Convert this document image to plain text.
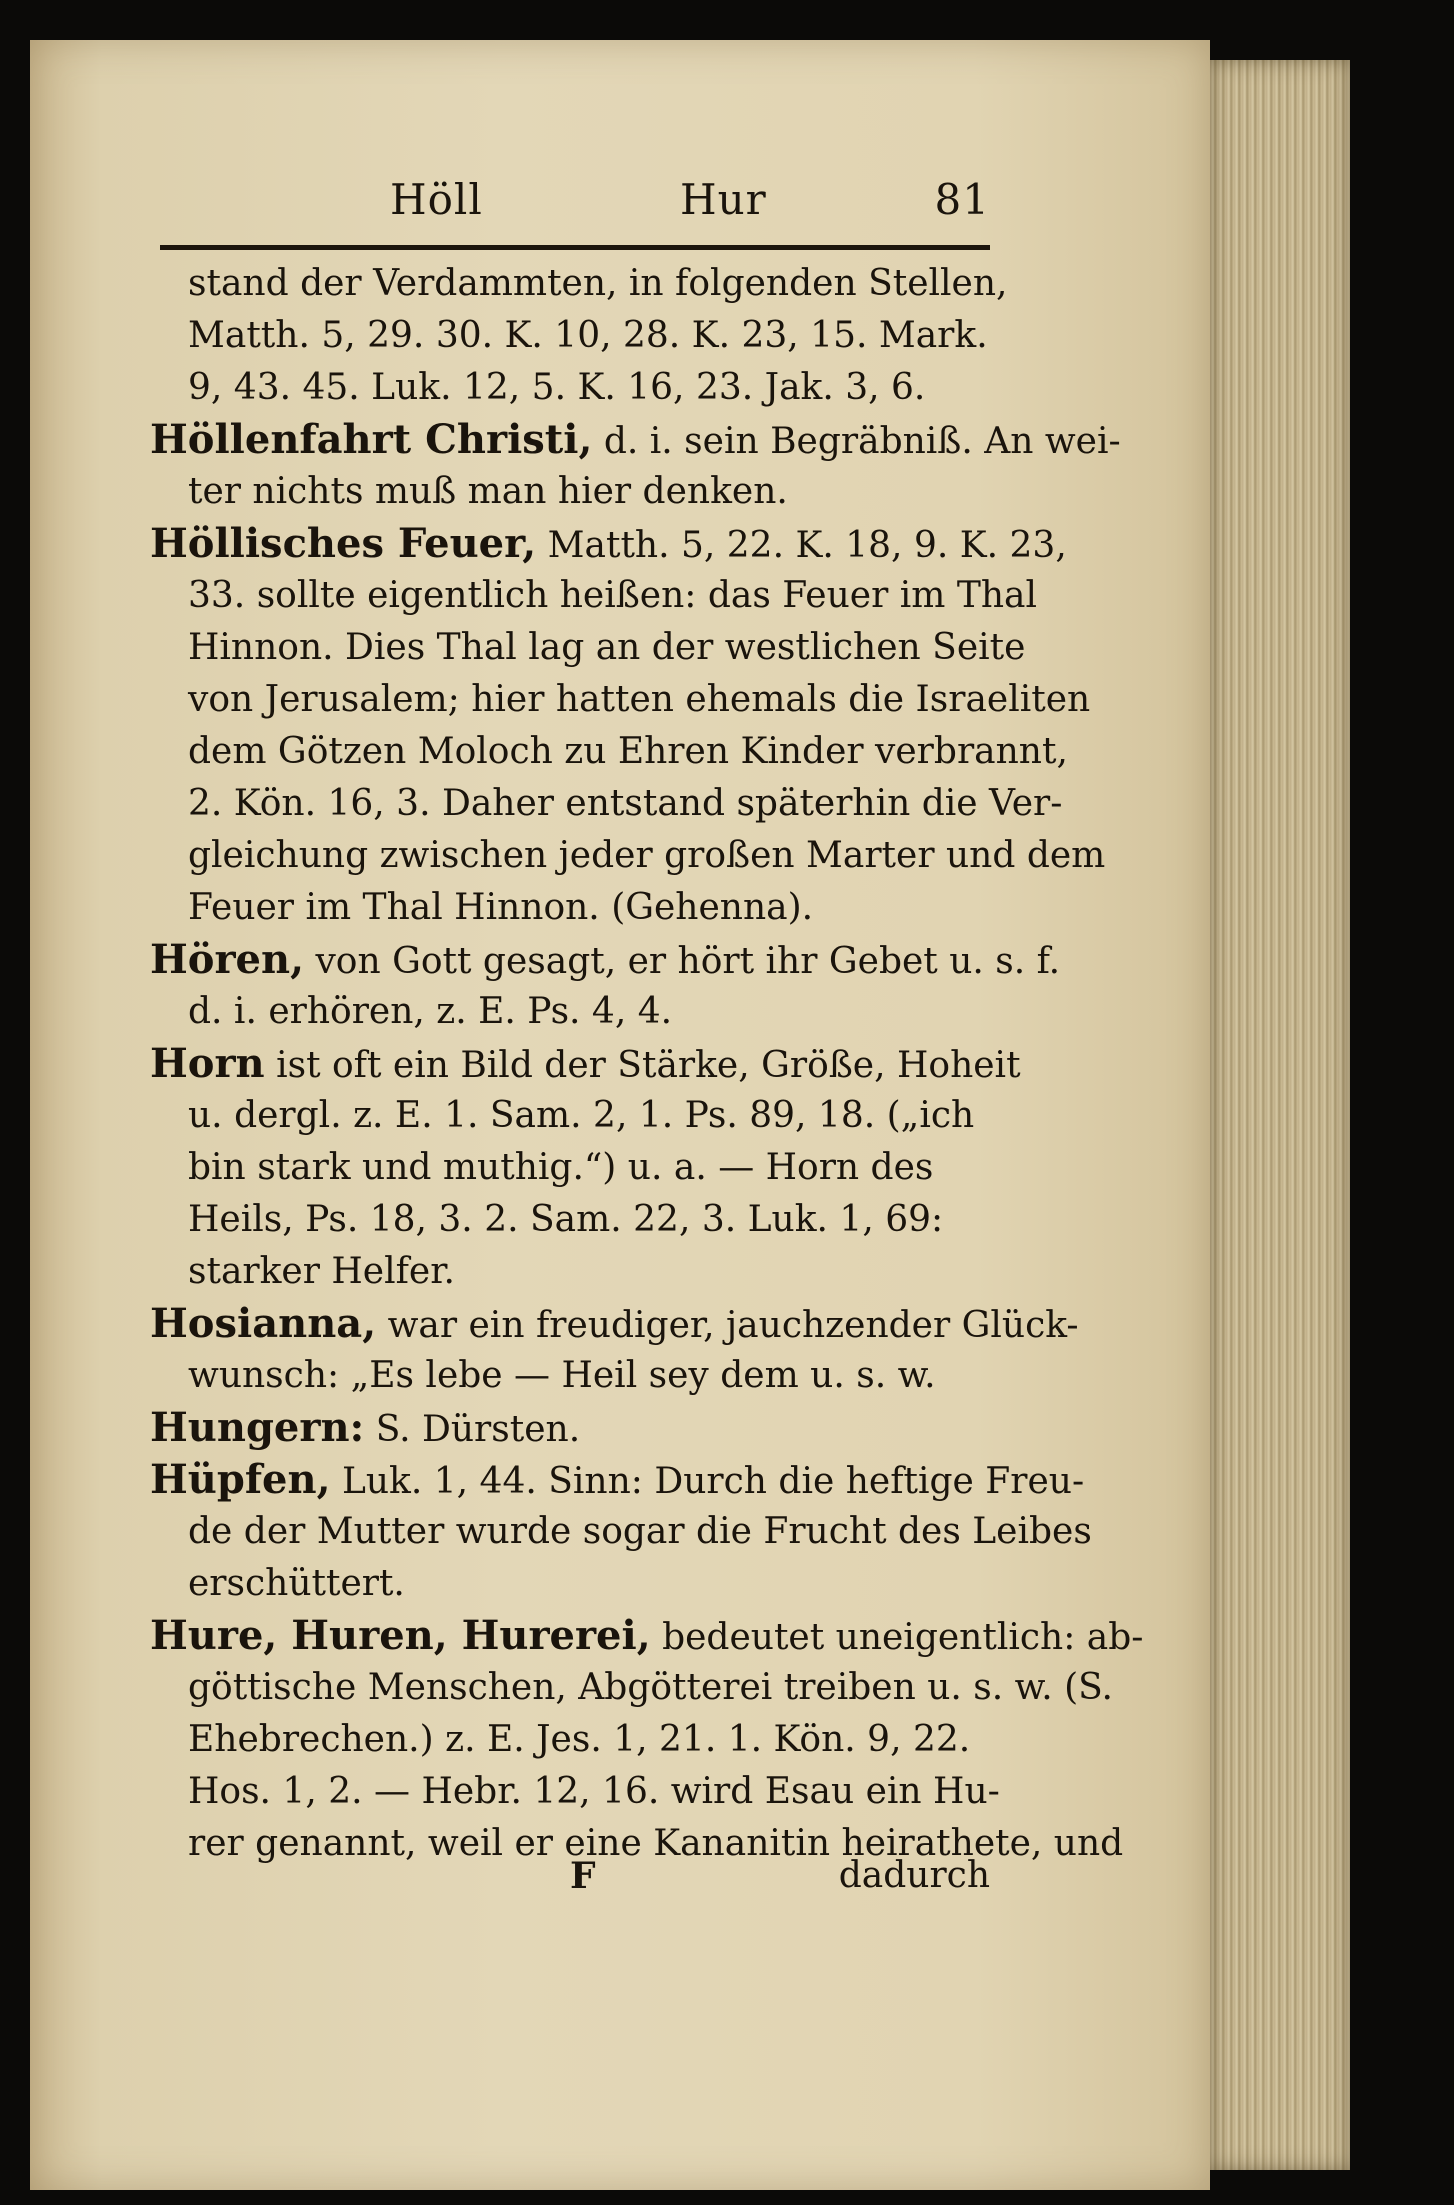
Höll	Hur	81
stand der Verdammten, in folgenden Stellen,
Matth. 5, 29. 30. K. 10, 28. K. 23, 15. Mark.
9, 43. 45. Luk. 12, 5. K. 16, 23. Jak. 3, 6.
Höllenfahrt Christi, d. i. sein Begräbniß. An wei-
ter nichts muß man hier denken.
Höllisches Feuer, Matth. 5, 22. K. 18, 9. K. 23,
33. sollte eigentlich heißen: das Feuer im Thal
Hinnon. Dies Thal lag an der westlichen Seite
von Jerusalem; hier hatten ehemals die Israeliten
dem Götzen Moloch zu Ehren Kinder verbrannt,
2. Kön. 16, 3. Daher entstand späterhin die Ver-
gleichung zwischen jeder großen Marter und dem
Feuer im Thal Hinnon. (Gehenna).
Hören, von Gott gesagt, er hört ihr Gebet u. s. f.
d. i. erhören, z. E. Ps. 4, 4.
Horn ist oft ein Bild der Stärke, Größe, Hoheit
u. dergl. z. E. 1. Sam. 2, 1. Ps. 89, 18. („ich
bin stark und muthig.“) u. a. — Horn des
Heils, Ps. 18, 3. 2. Sam. 22, 3. Luk. 1, 69:
starker Helfer.
Hosianna, war ein freudiger, jauchzender Glück-
wunsch: „Es lebe — Heil sey dem u. s. w.
Hungern: S. Dürsten.
Hüpfen, Luk. 1, 44. Sinn: Durch die heftige Freu-
de der Mutter wurde sogar die Frucht des Leibes
erschüttert.
Hure, Huren, Hurerei, bedeutet uneigentlich: ab-
göttische Menschen, Abgötterei treiben u. s. w. (S.
Ehebrechen.) z. E. Jes. 1, 21. 1. Kön. 9, 22.
Hos. 1, 2. — Hebr. 12, 16. wird Esau ein Hu-
rer genannt, weil er eine Kananitin heirathete, und
F	dadurch
